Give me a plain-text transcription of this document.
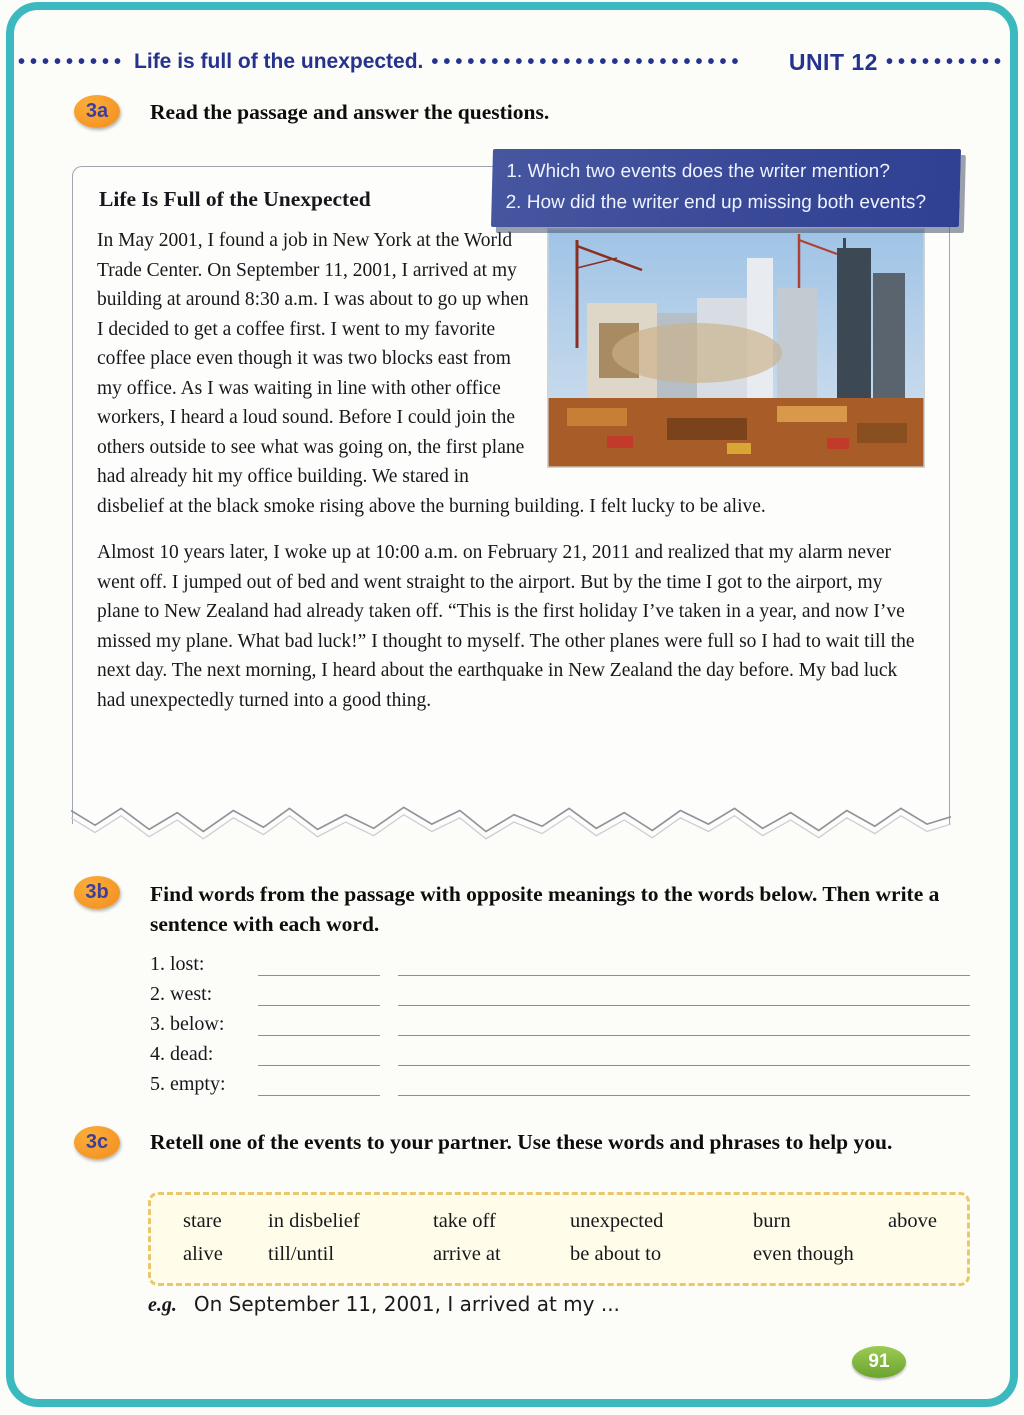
••••••••• Life is full of the unexpected. ••••••••••••••••••••••••••	UNIT 12 ••••••••••
3a	Read the passage and answer the questions.
1. Which two events does the writer mention?
2. How did the writer end up missing both events?
Life Is Full of the Unexpected
In May 2001, I found a job in New York at the World Trade Center. On September 11, 2001, I arrived at my building at around 8:30 a.m. I was about to go up when I decided to get a coffee first. I went to my favorite coffee place even though it was two blocks east from my office. As I was waiting in line with other office workers, I heard a loud sound. Before I could join the others outside to see what was going on, the first plane had already hit my office building. We stared in disbelief at the black smoke rising above the burning building. I felt lucky to be alive.
Almost 10 years later, I woke up at 10:00 a.m. on February 21, 2011 and realized that my alarm never went off. I jumped out of bed and went straight to the airport. But by the time I got to the airport, my plane to New Zealand had already taken off. “This is the first holiday I’ve taken in a year, and now I’ve missed my plane. What bad luck!” I thought to myself. The other planes were full so I had to wait till the next day. The next morning, I heard about the earthquake in New Zealand the day before. My bad luck had unexpectedly turned into a good thing.
3b	Find words from the passage with opposite meanings to the words below. Then write a sentence with each word.
1. lost:
2. west:
3. below:
4. dead:
5. empty:
3c	Retell one of the events to your partner. Use these words and phrases to help you.
stare	in disbelief	take off	unexpected	burn	above
alive	till/until	arrive at	be about to	even though
e.g. On September 11, 2001, I arrived at my ...
91
